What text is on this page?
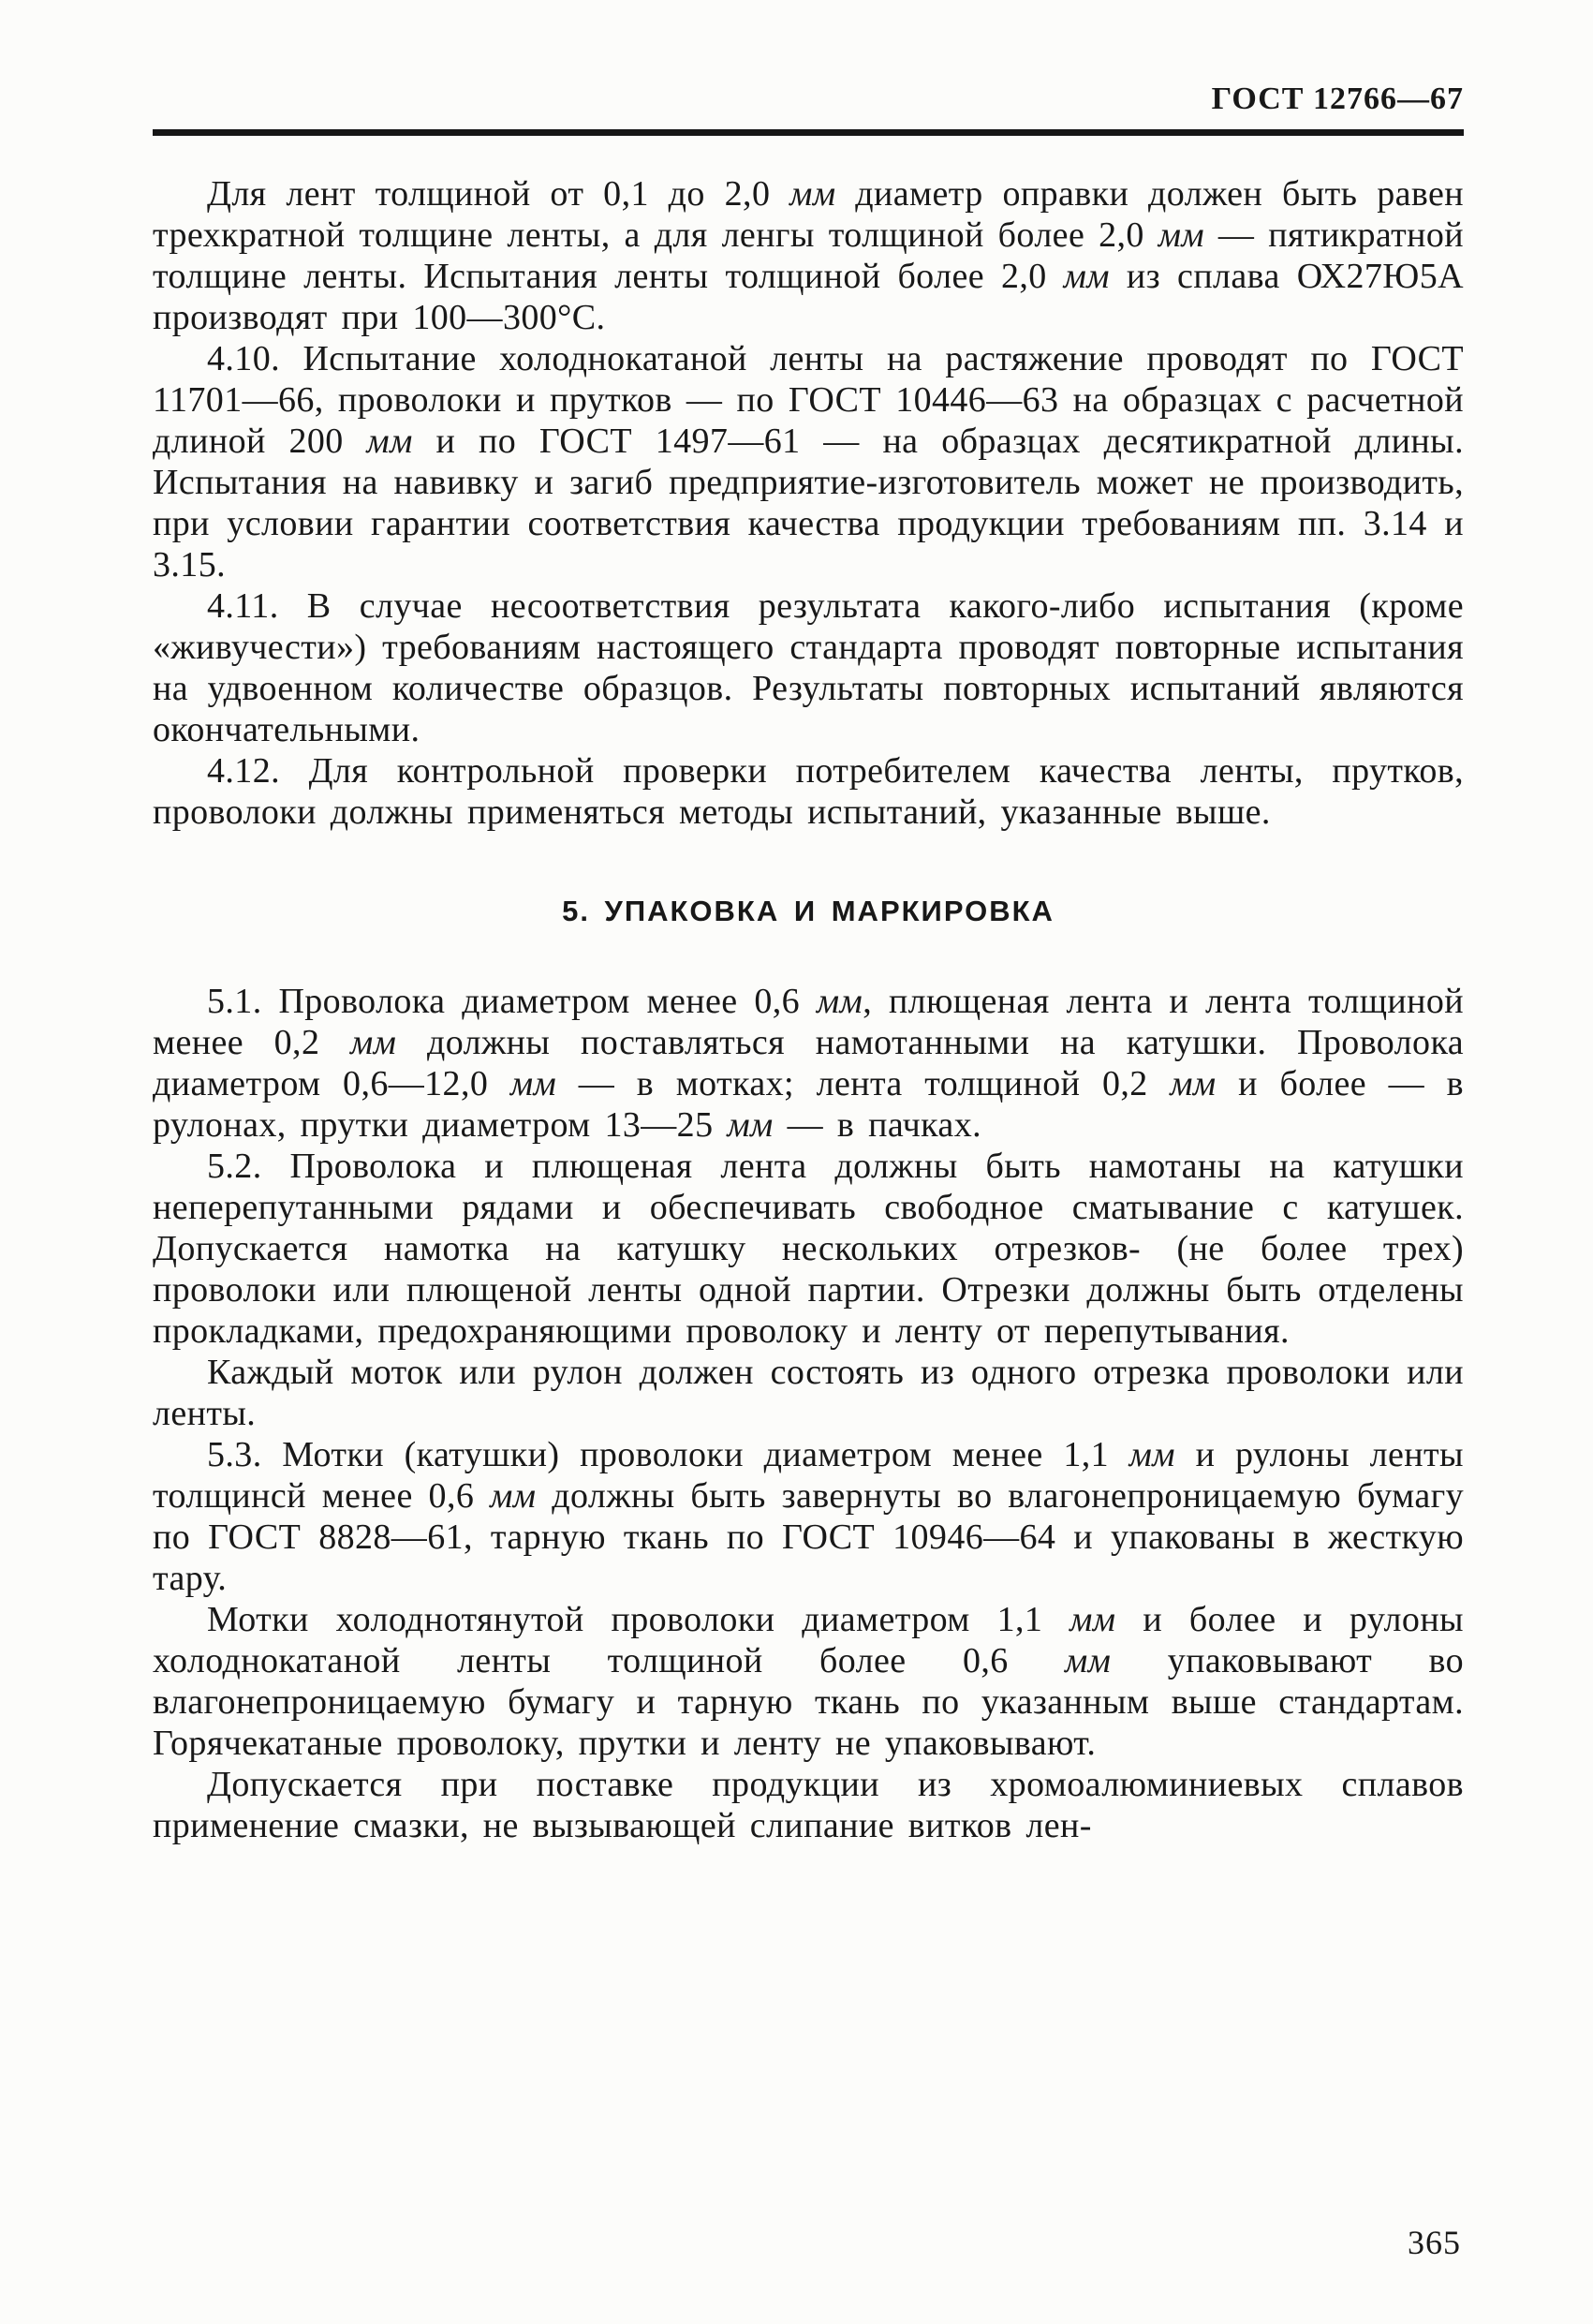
ГОСТ 12766—67

Для лент толщиной от 0,1 до 2,0 мм диаметр оправки должен быть равен трехкратной толщине ленты, а для ленгы толщиной более 2,0 мм — пятикратной толщине ленты. Испытания ленты толщиной более 2,0 мм из сплава ОХ27Ю5А производят при 100—300°С.

4.10. Испытание холоднокатаной ленты на растяжение проводят по ГОСТ 11701—66, проволоки и прутков — по ГОСТ 10446—63 на образцах с расчетной длиной 200 мм и по ГОСТ 1497—61 — на образцах десятикратной длины. Испытания на навивку и загиб предприятие-изготовитель может не производить, при условии гарантии соответствия качества продукции требованиям пп. 3.14 и 3.15.

4.11. В случае несоответствия результата какого-либо испытания (кроме «живучести») требованиям настоящего стандарта проводят повторные испытания на удвоенном количестве образцов. Результаты повторных испытаний являются окончательными.

4.12. Для контрольной проверки потребителем качества ленты, прутков, проволоки должны применяться методы испытаний, указанные выше.

5. УПАКОВКА И МАРКИРОВКА

5.1. Проволока диаметром менее 0,6 мм, плющеная лента и лента толщиной менее 0,2 мм должны поставляться намотанными на катушки. Проволока диаметром 0,6—12,0 мм — в мотках; лента толщиной 0,2 мм и более — в рулонах, прутки диаметром 13—25 мм — в пачках.

5.2. Проволока и плющеная лента должны быть намотаны на катушки неперепутанными рядами и обеспечивать свободное сматывание с катушек. Допускается намотка на катушку нескольких отрезков- (не более трех) проволоки или плющеной ленты одной партии. Отрезки должны быть отделены прокладками, предохраняющими проволоку и ленту от перепутывания.

Каждый моток или рулон должен состоять из одного отрезка проволоки или ленты.

5.3. Мотки (катушки) проволоки диаметром менее 1,1 мм и рулоны ленты толщинсй менее 0,6 мм должны быть завернуты во влагонепроницаемую бумагу по ГОСТ 8828—61, тарную ткань по ГОСТ 10946—64 и упакованы в жесткую тару.

Мотки холоднотянутой проволоки диаметром 1,1 мм и более и рулоны холоднокатаной ленты толщиной более 0,6 мм упаковывают во влагонепроницаемую бумагу и тарную ткань по указанным выше стандартам. Горячекатаные проволоку, прутки и ленту не упаковывают.

Допускается при поставке продукции из хромоалюминиевых сплавов применение смазки, не вызывающей слипание витков лен-

365
